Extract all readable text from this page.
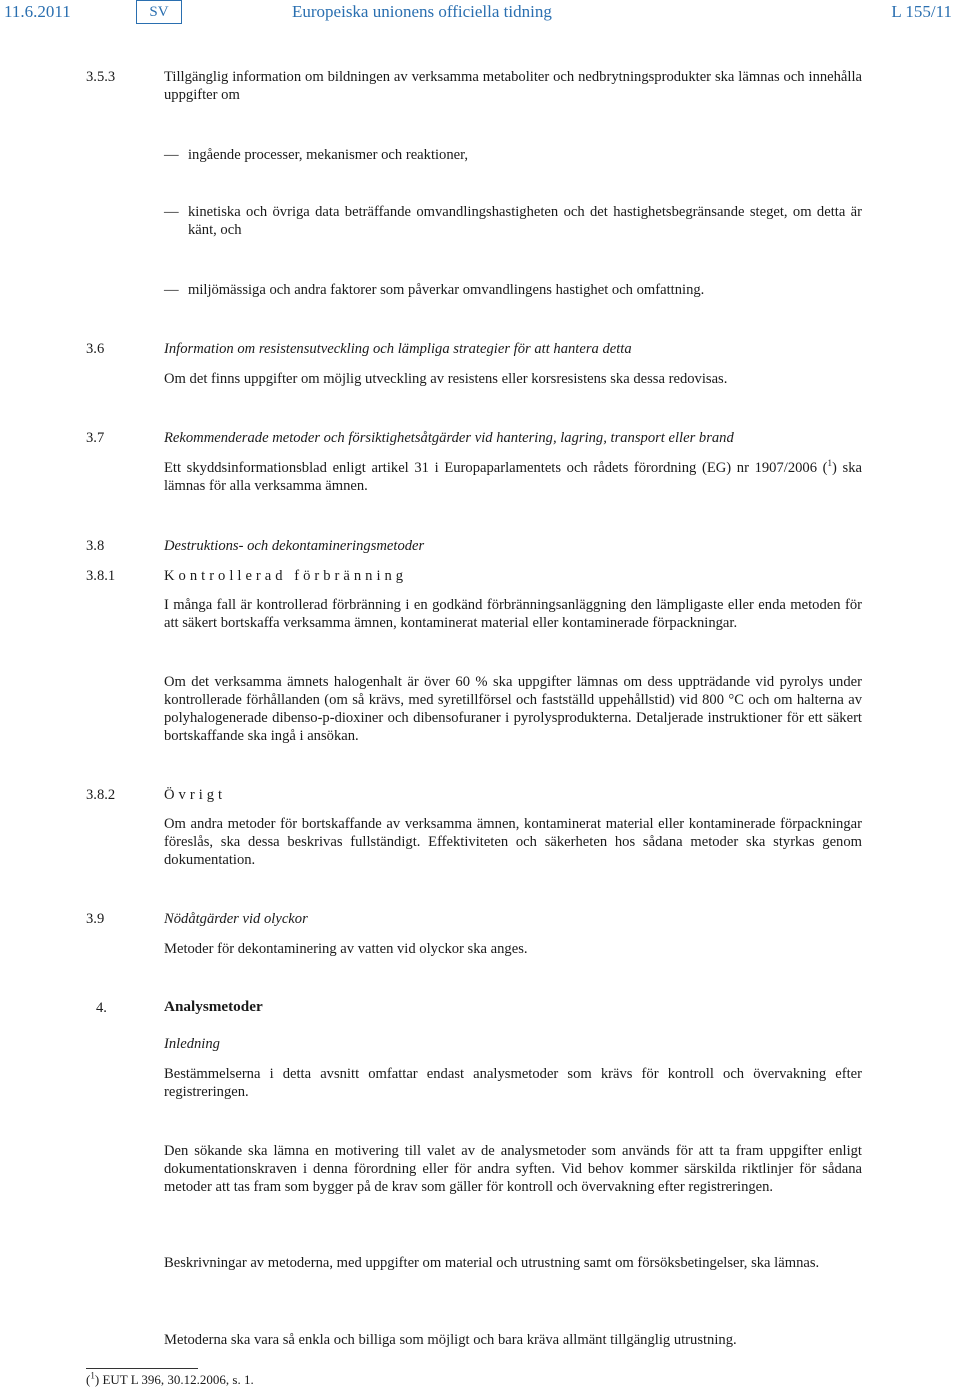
11.6.2011	SV	Europeiska unionens officiella tidning	L 155/11
3.5.3	Tillgänglig information om bildningen av verksamma metaboliter och nedbrytningsprodukter ska lämnas och innehålla uppgifter om
— ingående processer, mekanismer och reaktioner,
— kinetiska och övriga data beträffande omvandlingshastigheten och det hastighetsbegränsande steget, om detta är känt, och
— miljömässiga och andra faktorer som påverkar omvandlingens hastighet och omfattning.
3.6	Information om resistensutveckling och lämpliga strategier för att hantera detta
Om det finns uppgifter om möjlig utveckling av resistens eller korsresistens ska dessa redovisas.
3.7	Rekommenderade metoder och försiktighetsåtgärder vid hantering, lagring, transport eller brand
Ett skyddsinformationsblad enligt artikel 31 i Europaparlamentets och rådets förordning (EG) nr 1907/2006 ($^1$) ska lämnas för alla verksamma ämnen.
3.8	Destruktions- och dekontamineringsmetoder
3.8.1	Kontrollerad förbränning
I många fall är kontrollerad förbränning i en godkänd förbränningsanläggning den lämpligaste eller enda metoden för att säkert bortskaffa verksamma ämnen, kontaminerat material eller kontaminerade förpackningar.
Om det verksamma ämnets halogenhalt är över 60 % ska uppgifter lämnas om dess uppträdande vid pyrolys under kontrollerade förhållanden (om så krävs, med syretillförsel och fastställd uppehållstid) vid 800 °C och om halterna av polyhalogenerade dibenso-p-dioxiner och dibensofuraner i pyrolysprodukterna. Detaljerade instruktioner för ett säkert bortskaffande ska ingå i ansökan.
3.8.2	Övrigt
Om andra metoder för bortskaffande av verksamma ämnen, kontaminerat material eller kontaminerade förpackningar föreslås, ska dessa beskrivas fullständigt. Effektiviteten och säkerheten hos sådana metoder ska styrkas genom dokumentation.
3.9	Nödåtgärder vid olyckor
Metoder för dekontaminering av vatten vid olyckor ska anges.
4.	Analysmetoder
Inledning
Bestämmelserna i detta avsnitt omfattar endast analysmetoder som krävs för kontroll och övervakning efter registreringen.
Den sökande ska lämna en motivering till valet av de analysmetoder som används för att ta fram uppgifter enligt dokumentationskraven i denna förordning eller för andra syften. Vid behov kommer särskilda riktlinjer för sådana metoder att tas fram som bygger på de krav som gäller för kontroll och övervakning efter registreringen.
Beskrivningar av metoderna, med uppgifter om material och utrustning samt om försöksbetingelser, ska lämnas.
Metoderna ska vara så enkla och billiga som möjligt och bara kräva allmänt tillgänglig utrustning.
($^1$) EUT L 396, 30.12.2006, s. 1.
